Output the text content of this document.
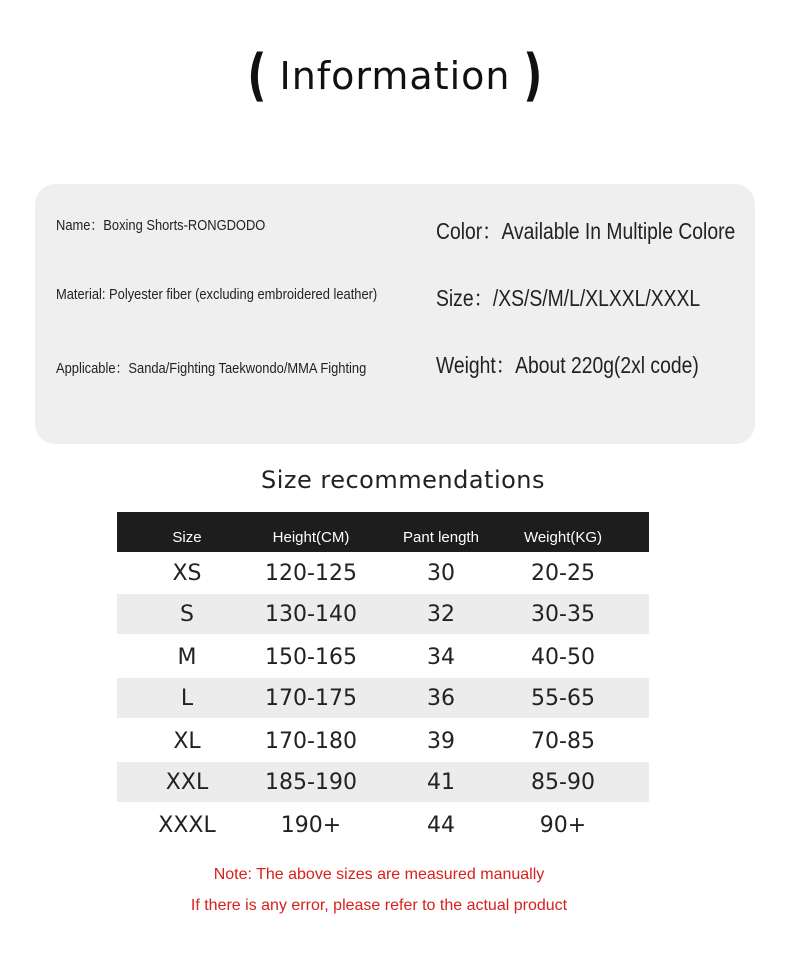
( Information )
Name：Boxing Shorts-RONGDODO
Material: Polyester fiber (excluding embroidered leather)
Applicable：Sanda/Fighting Taekwondo/MMA Fighting
Color：Available In Multiple Colore
Size：/XS/S/M/L/XLXXL/XXXL
Weight：About 220g(2xl code)
Size recommendations
Size	Height(CM)	Pant length	Weight(KG)
XS	120-125	30	20-25
S	130-140	32	30-35
M	150-165	34	40-50
L	170-175	36	55-65
XL	170-180	39	70-85
XXL	185-190	41	85-90
XXXL	190+	44	90+
Note: The above sizes are measured manually
If there is any error, please refer to the actual product
